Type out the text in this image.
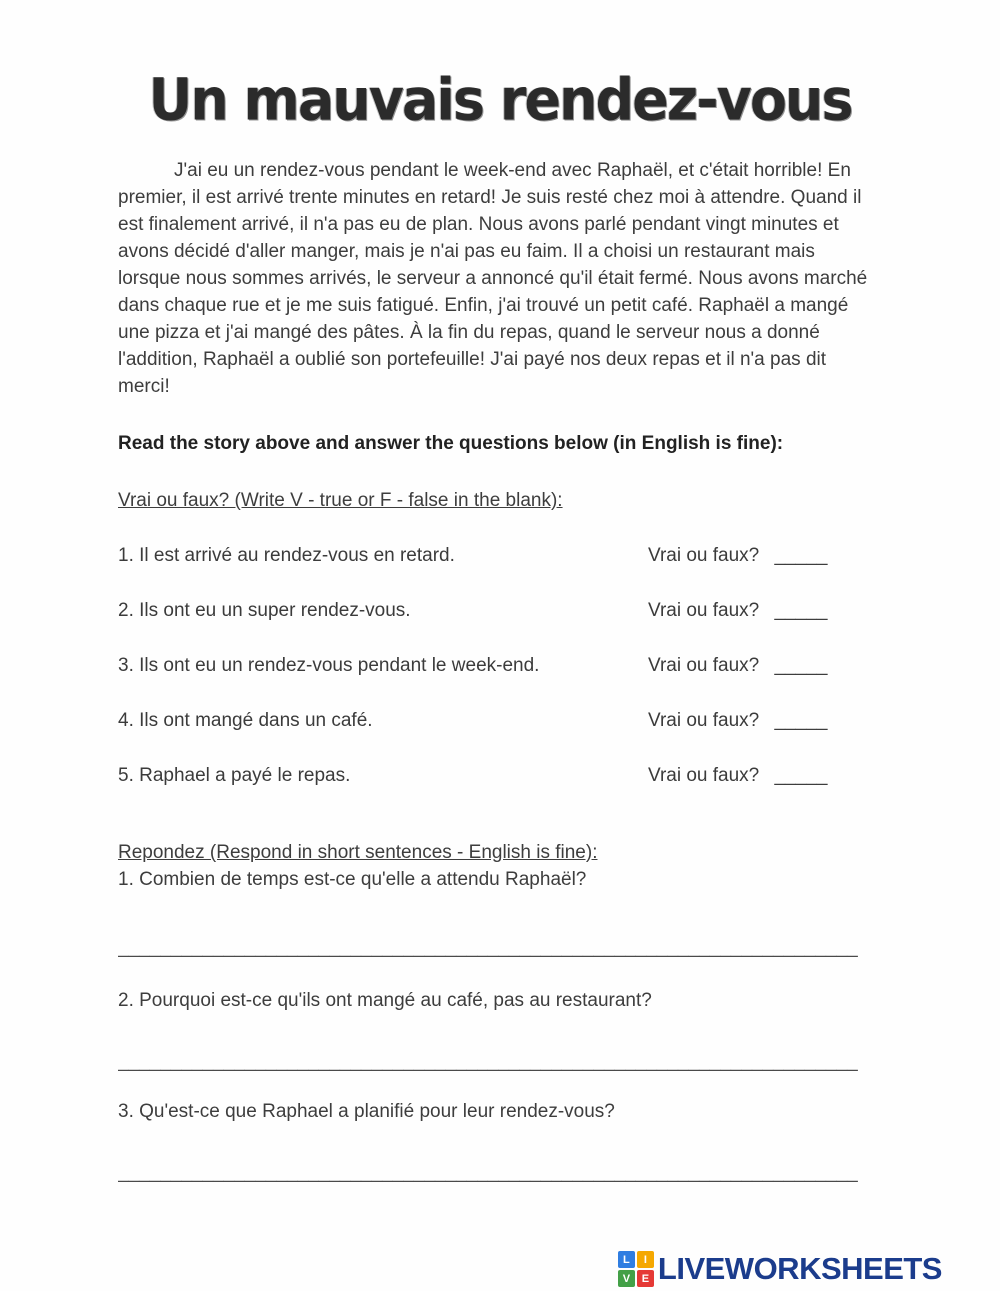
Un mauvais rendez-vous

J'ai eu un rendez-vous pendant le week-end avec Raphaël, et c'était horrible! En premier, il est arrivé trente minutes en retard! Je suis resté chez moi à attendre. Quand il est finalement arrivé, il n'a pas eu de plan. Nous avons parlé pendant vingt minutes et avons décidé d'aller manger, mais je n'ai pas eu faim. Il a choisi un restaurant mais lorsque nous sommes arrivés, le serveur a annoncé qu'il était fermé. Nous avons marché dans chaque rue et je me suis fatigué. Enfin, j'ai trouvé un petit café. Raphaël a mangé une pizza et j'ai mangé des pâtes. À la fin du repas, quand le serveur nous a donné l'addition, Raphaël a oublié son portefeuille! J'ai payé nos deux repas et il n'a pas dit merci!

Read the story above and answer the questions below (in English is fine):
Vrai ou faux? (Write V - true or F - false in the blank):
1. Il est arrivé au rendez-vous en retard.	Vrai ou faux? _____
2. Ils ont eu un super rendez-vous.	Vrai ou faux? _____
3. Ils ont eu un rendez-vous pendant le week-end.	Vrai ou faux? _____
4. Ils ont mangé dans un café.	Vrai ou faux? _____
5. Raphael a payé le repas.	Vrai ou faux? _____
Repondez (Respond in short sentences - English is fine):
1. Combien de temps est-ce qu'elle a attendu Raphaël?
______________________________________________________________________
2. Pourquoi est-ce qu'ils ont mangé au café, pas au restaurant?
______________________________________________________________________
3. Qu'est-ce que Raphael a planifié pour leur rendez-vous?
______________________________________________________________________
L	I
V	E LIVEWORKSHEETS
